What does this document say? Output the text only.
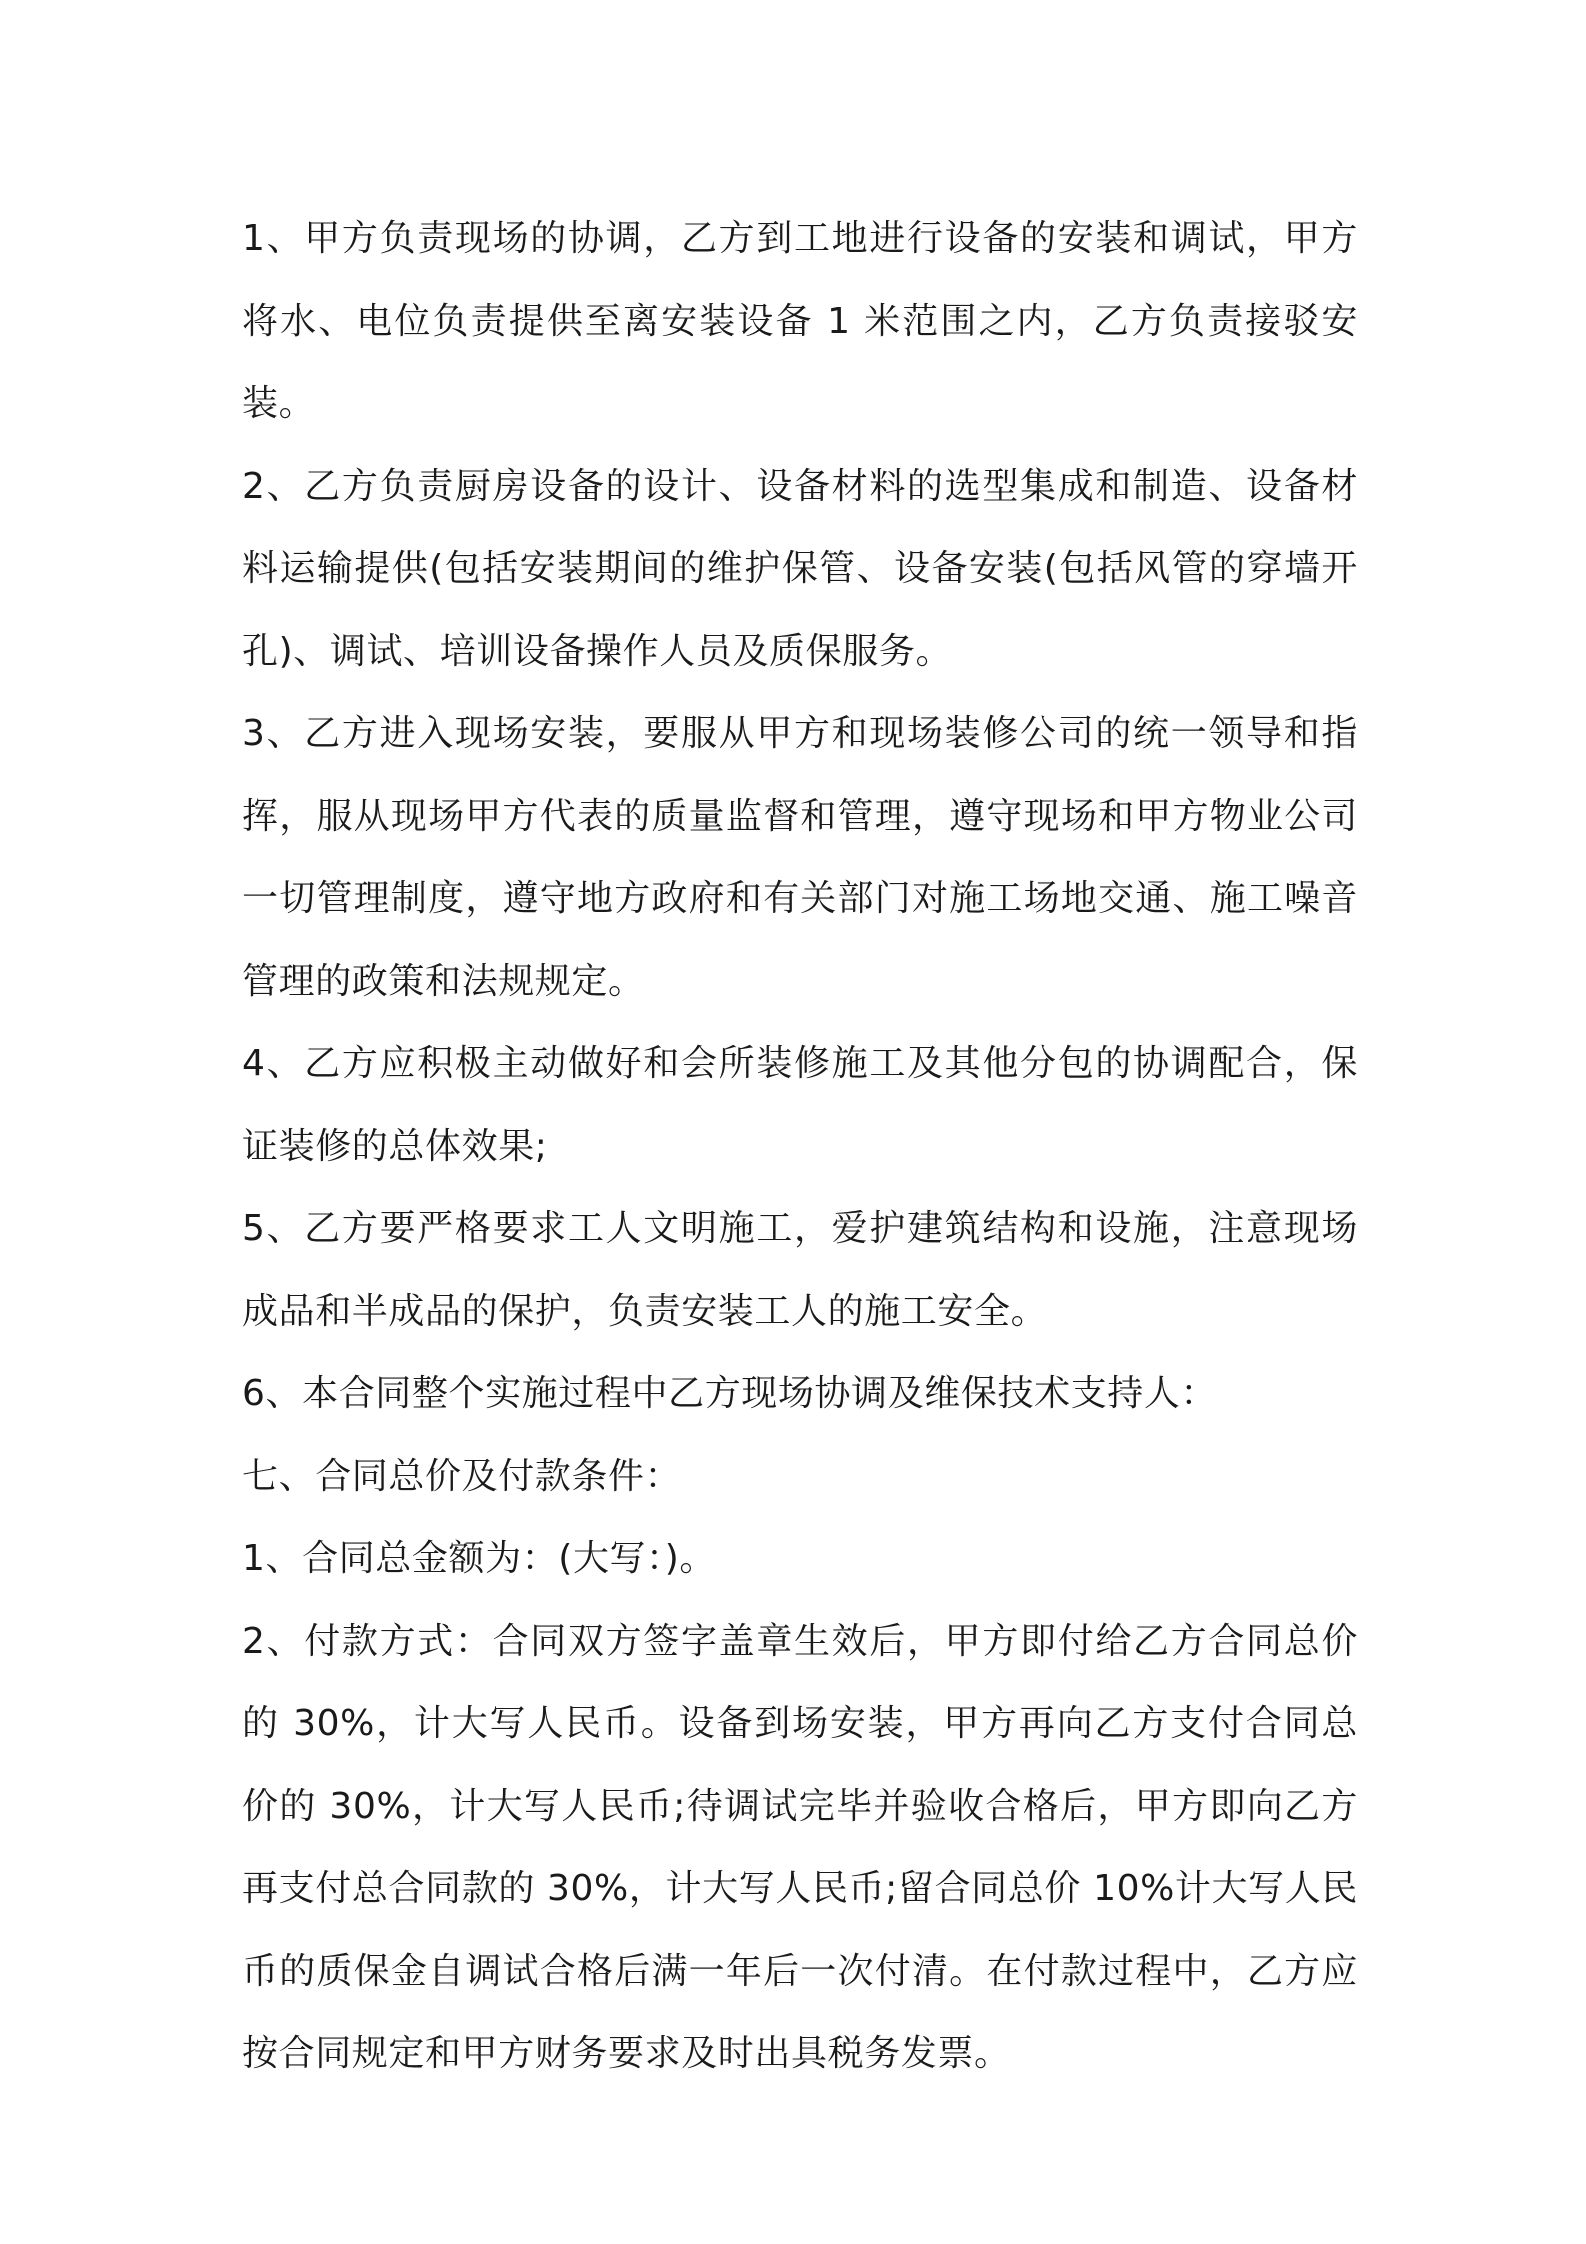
1、甲方负责现场的协调，乙方到工地进行设备的安装和调试，甲方将水、电位负责提供至离安装设备 1 米范围之内，乙方负责接驳安装。

2、乙方负责厨房设备的设计、设备材料的选型集成和制造、设备材料运输提供(包括安装期间的维护保管、设备安装(包括风管的穿墙开孔)、调试、培训设备操作人员及质保服务。

3、乙方进入现场安装，要服从甲方和现场装修公司的统一领导和指挥，服从现场甲方代表的质量监督和管理，遵守现场和甲方物业公司一切管理制度，遵守地方政府和有关部门对施工场地交通、施工噪音管理的政策和法规规定。

4、乙方应积极主动做好和会所装修施工及其他分包的协调配合，保证装修的总体效果;

5、乙方要严格要求工人文明施工，爱护建筑结构和设施，注意现场成品和半成品的保护，负责安装工人的施工安全。

6、本合同整个实施过程中乙方现场协调及维保技术支持人：

七、合同总价及付款条件：

1、合同总金额为：(大写：)。

2、付款方式：合同双方签字盖章生效后，甲方即付给乙方合同总价的 30%，计大写人民币。设备到场安装，甲方再向乙方支付合同总价的 30%，计大写人民币;待调试完毕并验收合格后，甲方即向乙方再支付总合同款的 30%，计大写人民币;留合同总价 10%计大写人民币的质保金自调试合格后满一年后一次付清。在付款过程中，乙方应按合同规定和甲方财务要求及时出具税务发票。
